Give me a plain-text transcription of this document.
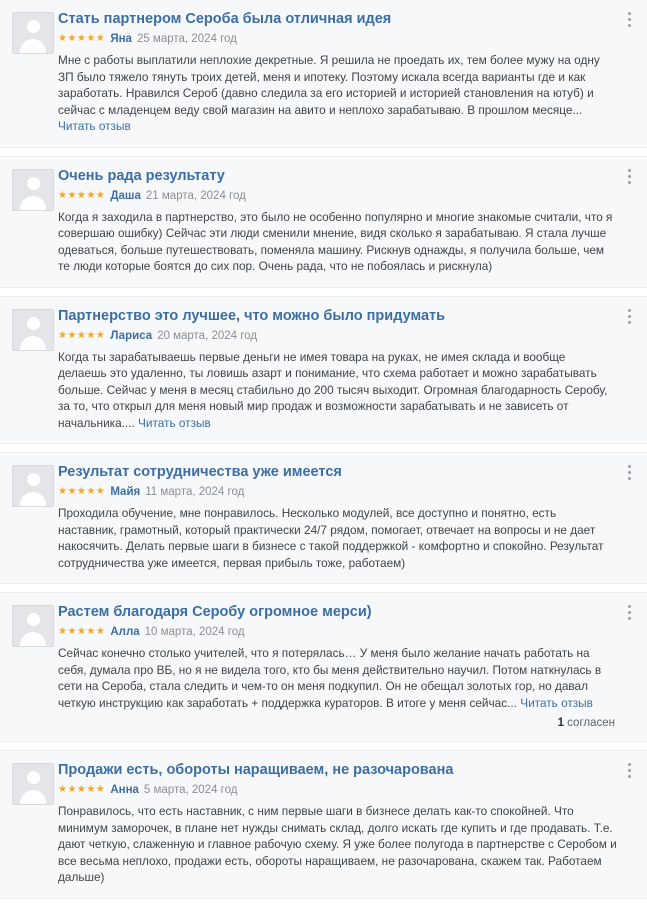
Стать партнером Сероба была отличная идея
★★★★★ Яна 25 марта, 2024 год
Мне с работы выплатили неплохие декретные. Я решила не проедать их, тем более мужу на одну ЗП было тяжело тянуть троих детей, меня и ипотеку. Поэтому искала всегда варианты где и как заработать. Нравился Сероб (давно следила за его историей и историей становления на ютуб) и сейчас с младенцем веду свой магазин на авито и неплохо зарабатываю. В прошлом месяце... Читать отзыв
Очень рада результату
★★★★★ Даша 21 марта, 2024 год
Когда я заходила в партнерство, это было не особенно популярно и многие знакомые считали, что я совершаю ошибку) Сейчас эти люди сменили мнение, видя сколько я зарабатываю. Я стала лучше одеваться, больше путешествовать, поменяла машину. Рискнув однажды, я получила больше, чем те люди которые боятся до сих пор. Очень рада, что не побоялась и рискнула)
Партнерство это лучшее, что можно было придумать
★★★★★ Лариса 20 марта, 2024 год
Когда ты зарабатываешь первые деньги не имея товара на руках, не имея склада и вообще делаешь это удаленно, ты ловишь азарт и понимание, что схема работает и можно зарабатывать больше. Сейчас у меня в месяц стабильно до 200 тысяч выходит. Огромная благодарность Серобу, за то, что открыл для меня новый мир продаж и возможности зарабатывать и не зависеть от начальника.... Читать отзыв
Результат сотрудничества уже имеется
★★★★★ Майя 11 марта, 2024 год
Проходила обучение, мне понравилось. Несколько модулей, все доступно и понятно, есть наставник, грамотный, который практически 24/7 рядом, помогает, отвечает на вопросы и не дает накосячить. Делать первые шаги в бизнесе с такой поддержкой - комфортно и спокойно. Результат сотрудничества уже имеется, первая прибыль тоже, работаем)
Растем благодаря Серобу огромное мерси)
★★★★★ Алла 10 марта, 2024 год
Сейчас конечно столько учителей, что я потерялась… У меня было желание начать работать на себя, думала про ВБ, но я не видела того, кто бы меня действительно научил. Потом наткнулась в сети на Сероба, стала следить и чем-то он меня подкупил. Он не обещал золотых гор, но давал четкую инструкцию как заработать + поддержка кураторов. В итоге у меня сейчас... Читать отзыв
1 согласен
Продажи есть, обороты наращиваем, не разочарована
★★★★★ Анна 5 марта, 2024 год
Понравилось, что есть наставник, с ним первые шаги в бизнесе делать как-то спокойней. Что минимум заморочек, в плане нет нужды снимать склад, долго искать где купить и где продавать. Т.е. дают четкую, слаженную и главное рабочую схему. Я уже более полугода в партнерстве с Серобом и все весьма неплохо, продажи есть, обороты наращиваем, не разочарована, скажем так. Работаем дальше)
